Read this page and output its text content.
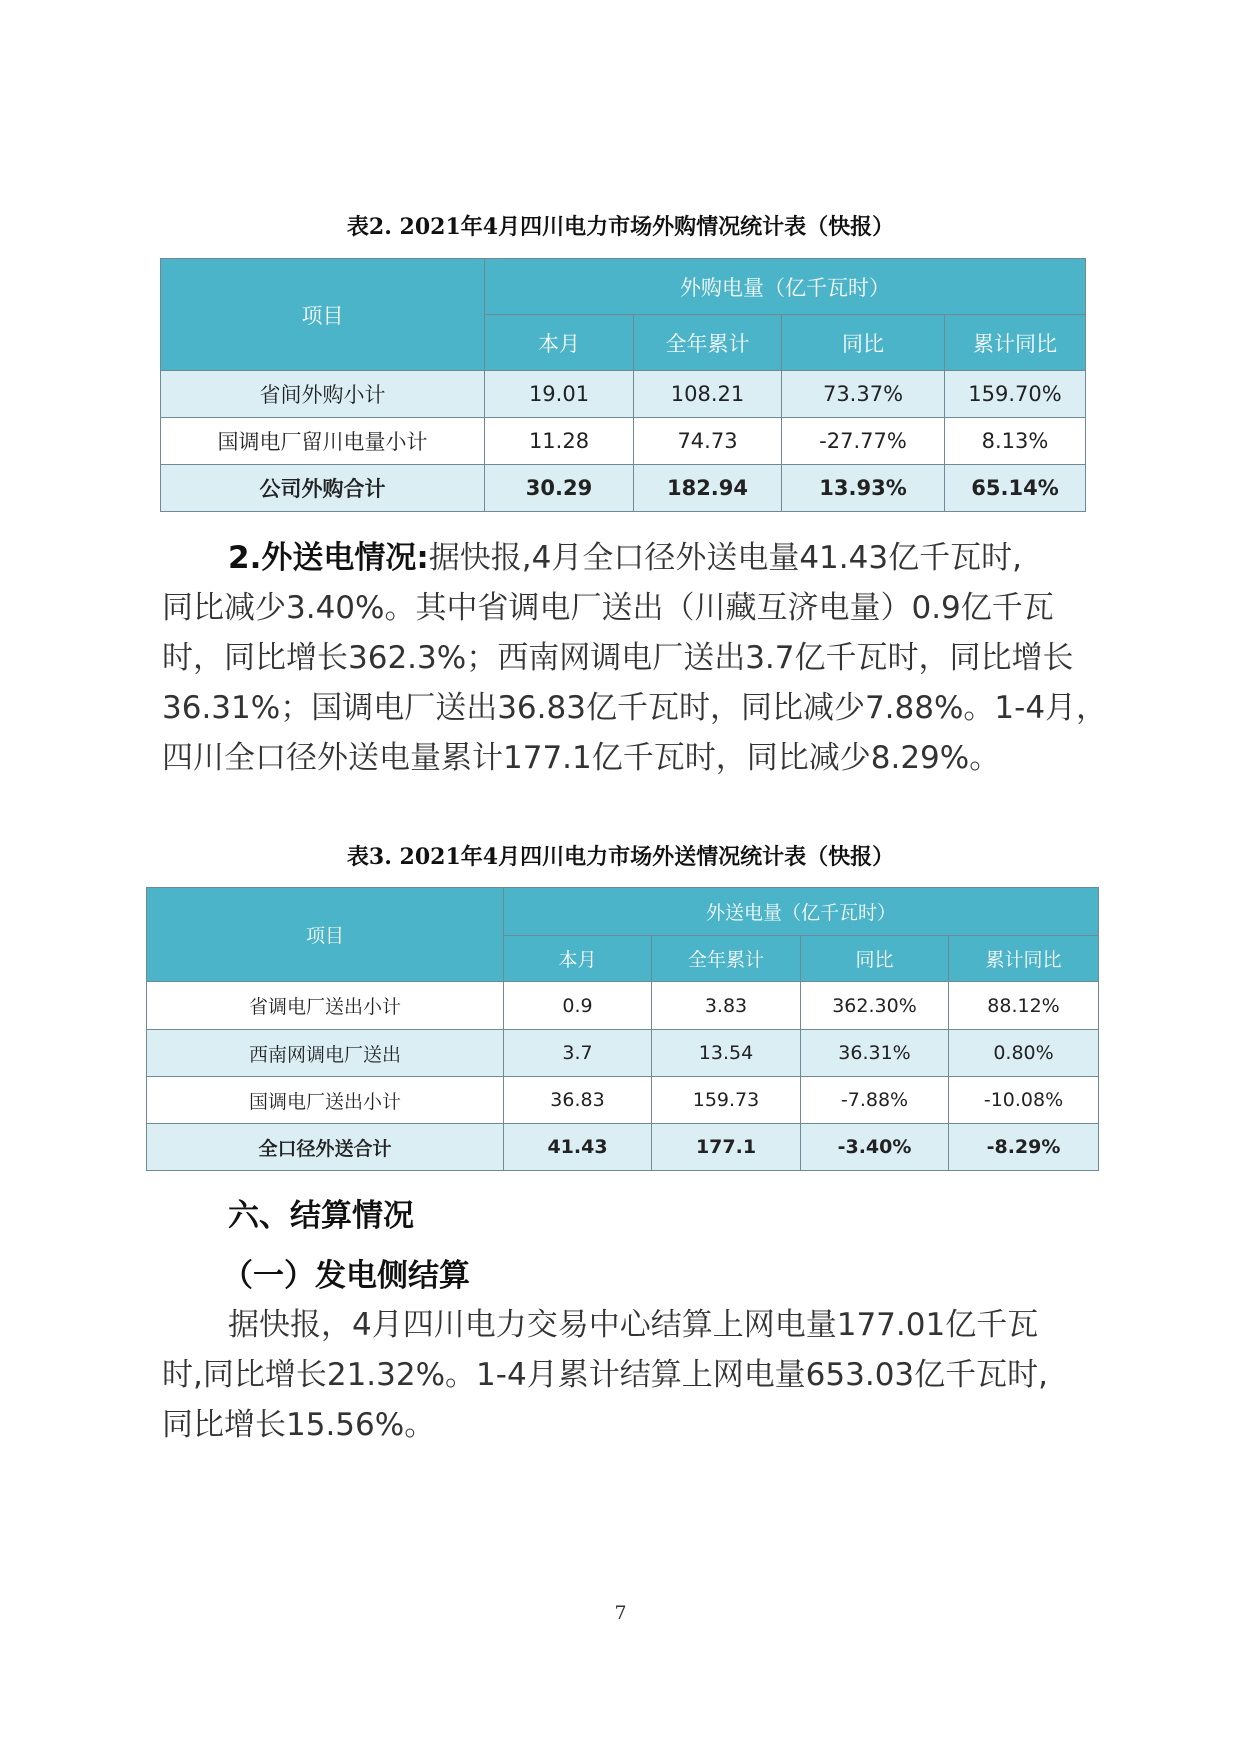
表2. 2021年4月四川电力市场外购情况统计表（快报）
项目	外购电量（亿千瓦时）			
	本月	全年累计	同比	累计同比
省间外购小计	19.01	108.21	73.37%	159.70%
国调电厂留川电量小计	11.28	74.73	-27.77%	8.13%
公司外购合计	30.29	182.94	13.93%	65.14%
2.外送电情况:据快报,4月全口径外送电量41.43亿千瓦时,
同比减少3.40%。其中省调电厂送出（川藏互济电量）0.9亿千瓦
时，同比增长362.3%；西南网调电厂送出3.7亿千瓦时，同比增长
36.31%；国调电厂送出36.83亿千瓦时，同比减少7.88%。1-4月，
四川全口径外送电量累计177.1亿千瓦时，同比减少8.29%。
表3. 2021年4月四川电力市场外送情况统计表（快报）
项目	外送电量（亿千瓦时）			
	本月	全年累计	同比	累计同比
省调电厂送出小计	0.9	3.83	362.30%	88.12%
西南网调电厂送出	3.7	13.54	36.31%	0.80%
国调电厂送出小计	36.83	159.73	-7.88%	-10.08%
全口径外送合计	41.43	177.1	-3.40%	-8.29%
六、结算情况
（一）发电侧结算
据快报，4月四川电力交易中心结算上网电量177.01亿千瓦
时,同比增长21.32%。1-4月累计结算上网电量653.03亿千瓦时,
同比增长15.56%。
7
